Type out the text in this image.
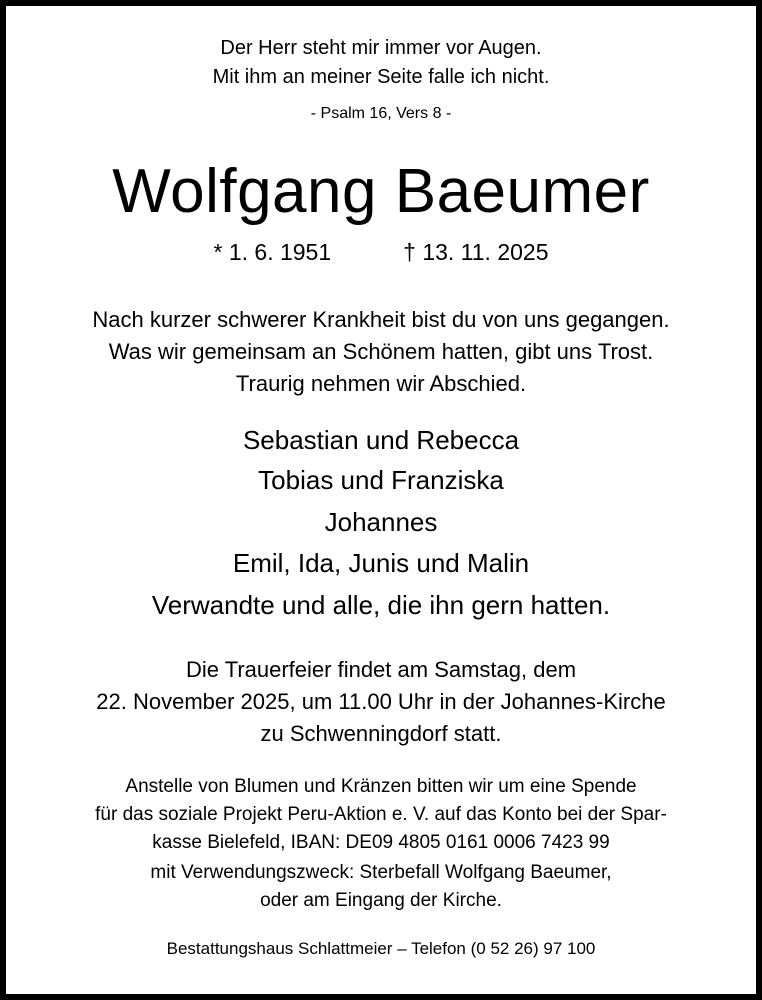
Der Herr steht mir immer vor Augen.
Mit ihm an meiner Seite falle ich nicht.
- Psalm 16, Vers 8 -
Wolfgang Baeumer
* 1. 6. 1951	† 13. 11. 2025
Nach kurzer schwerer Krankheit bist du von uns gegangen.
Was wir gemeinsam an Schönem hatten, gibt uns Trost.
Traurig nehmen wir Abschied.
Sebastian und Rebecca
Tobias und Franziska
Johannes
Emil, Ida, Junis und Malin
Verwandte und alle, die ihn gern hatten.
Die Trauerfeier findet am Samstag, dem
22. November 2025, um 11.00 Uhr in der Johannes-Kirche
zu Schwenningdorf statt.
Anstelle von Blumen und Kränzen bitten wir um eine Spende
für das soziale Projekt Peru-Aktion e. V. auf das Konto bei der Spar-
kasse Bielefeld, IBAN: DE09 4805 0161 0006 7423 99
mit Verwendungszweck: Sterbefall Wolfgang Baeumer,
oder am Eingang der Kirche.
Bestattungshaus Schlattmeier – Telefon (0 52 26) 97 100
